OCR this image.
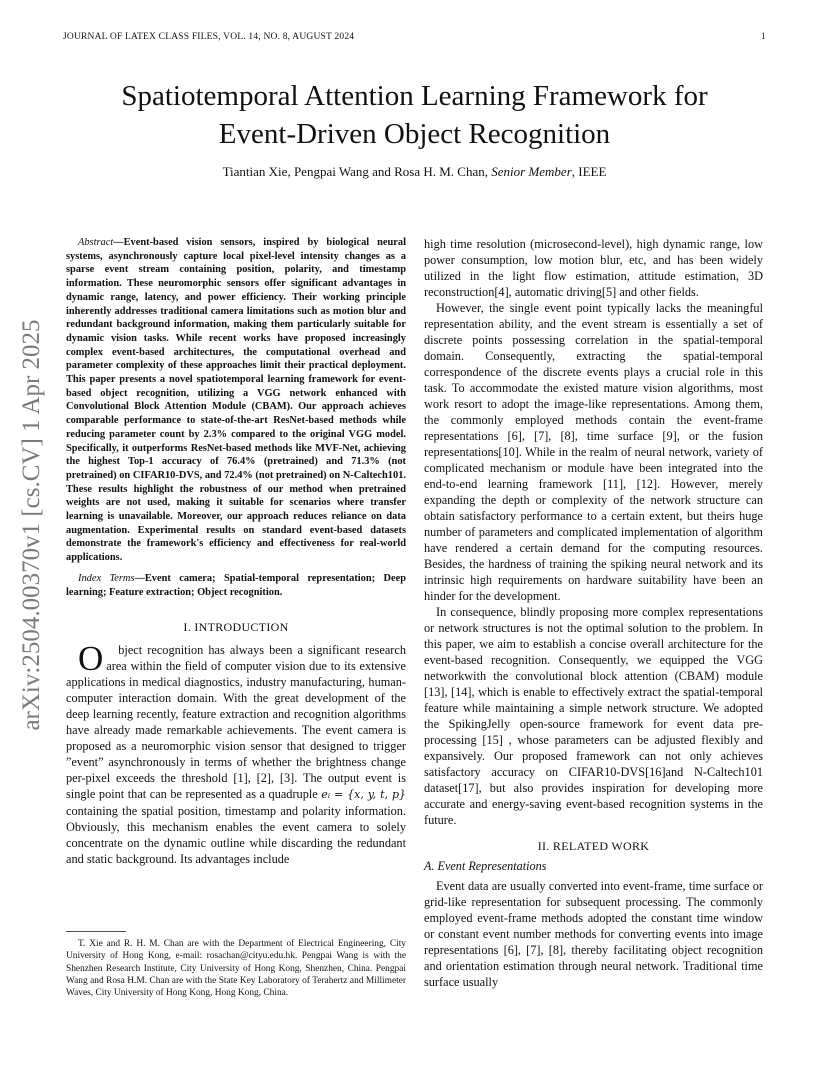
JOURNAL OF LATEX CLASS FILES, VOL. 14, NO. 8, AUGUST 2024	1
arXiv:2504.00370v1 [cs.CV] 1 Apr 2025
Spatiotemporal Attention Learning Framework for
Event-Driven Object Recognition
Tiantian Xie, Pengpai Wang and Rosa H. M. Chan, Senior Member, IEEE
Abstract—Event-based vision sensors, inspired by biological neural systems, asynchronously capture local pixel-level intensity changes as a sparse event stream containing position, polarity, and timestamp information. These neuromorphic sensors offer significant advantages in dynamic range, latency, and power efficiency. Their working principle inherently addresses traditional camera limitations such as motion blur and redundant background information, making them particularly suitable for dynamic vision tasks. While recent works have proposed increasingly complex event-based architectures, the computational overhead and parameter complexity of these approaches limit their practical deployment. This paper presents a novel spatiotemporal learning framework for event-based object recognition, utilizing a VGG network enhanced with Convolutional Block Attention Module (CBAM). Our approach achieves comparable performance to state-of-the-art ResNet-based methods while reducing parameter count by 2.3% compared to the original VGG model. Specifically, it outperforms ResNet-based methods like MVF-Net, achieving the highest Top-1 accuracy of 76.4% (pretrained) and 71.3% (not pretrained) on CIFAR10-DVS, and 72.4% (not pretrained) on N-Caltech101. These results highlight the robustness of our method when pretrained weights are not used, making it suitable for scenarios where transfer learning is unavailable. Moreover, our approach reduces reliance on data augmentation. Experimental results on standard event-based datasets demonstrate the framework's efficiency and effectiveness for real-world applications.
Index Terms—Event camera; Spatial-temporal representation; Deep learning; Feature extraction; Object recognition.
I. INTRODUCTION

O bject recognition has always been a significant research area within the field of computer vision due to its extensive applications in medical diagnostics, industry manufacturing, human-computer interaction domain. With the great development of the deep learning recently, feature extraction and recognition algorithms have already made remarkable achievements. The event camera is proposed as a neuromorphic vision sensor that designed to trigger ”event” asynchronously in terms of whether the brightness change per-pixel exceeds the threshold [1], [2], [3]. The output event is single point that can be represented as a quadruple eᵢ = {x, y, t, p} containing the spatial position, timestamp and polarity information. Obviously, this mechanism enables the event camera to solely concentrate on the dynamic outline while discarding the redundant and static background. Its advantages include

T. Xie and R. H. M. Chan are with the Department of Electrical Engineering, City University of Hong Kong, e-mail: rosachan@cityu.edu.hk. Pengpai Wang is with the Shenzhen Research Institute, City University of Hong Kong, Shenzhen, China. Pengpai Wang and Rosa H.M. Chan are with the State Key Laboratory of Terahertz and Millimeter Waves, City University of Hong Kong, Hong Kong, China.

high time resolution (microsecond-level), high dynamic range, low power consumption, low motion blur, etc, and has been widely utilized in the light flow estimation, attitude estimation, 3D reconstruction[4], automatic driving[5] and other fields.

However, the single event point typically lacks the meaningful representation ability, and the event stream is essentially a set of discrete points possessing correlation in the spatial-temporal domain. Consequently, extracting the spatial-temporal correspondence of the discrete events plays a crucial role in this task. To accommodate the existed mature vision algorithms, most work resort to adopt the image-like representations. Among them, the commonly employed methods contain the event-frame representations [6], [7], [8], time surface [9], or the fusion representations[10]. While in the realm of neural network, variety of complicated mechanism or module have been integrated into the end-to-end learning framework [11], [12]. However, merely expanding the depth or complexity of the network structure can obtain satisfactory performance to a certain extent, but theirs huge number of parameters and complicated implementation of algorithm have rendered a certain demand for the computing resources. Besides, the hardness of training the spiking neural network and its intrinsic high requirements on hardware suitability have been an hinder for the development.

In consequence, blindly proposing more complex representations or network structures is not the optimal solution to the problem. In this paper, we aim to establish a concise overall architecture for the event-based recognition. Consequently, we equipped the VGG networkwith the convolutional block attention (CBAM) module [13], [14], which is enable to effectively extract the spatial-temporal feature while maintaining a simple network structure. We adopted the SpikingJelly open-source framework for event data pre-processing [15] , whose parameters can be adjusted flexibly and expansively. Our proposed framework can not only achieves satisfactory accuracy on CIFAR10-DVS[16]and N-Caltech101 dataset[17], but also provides inspiration for developing more accurate and energy-saving event-based recognition systems in the future.

II. RELATED WORK
A. Event Representations

Event data are usually converted into event-frame, time surface or grid-like representation for subsequent processing. The commonly employed event-frame methods adopted the constant time window or constant event number methods for converting events into image representations [6], [7], [8], thereby facilitating object recognition and orientation estimation through neural network. Traditional time surface usually
